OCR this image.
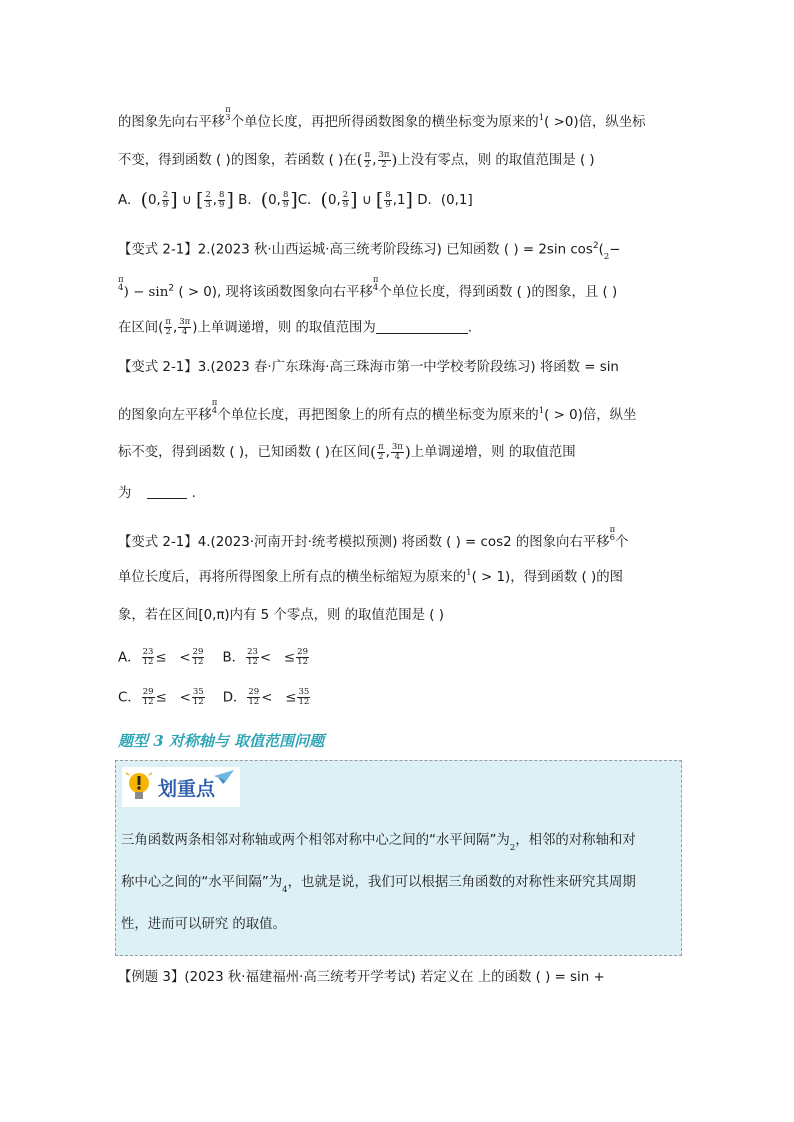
的图象先向右平移π
3 个单位长度，再把所得函数图象的横坐标变为原来的1( >0)倍，纵坐标
不变，得到函数 ( )的图象，若函数 ( )在( $\frac{\pi}{2}$ , $\frac{3\pi}{2}$ )上没有零点，则 的取值范围是 ( )
A．(0, $\frac{2}{9}$ ] ∪ [ $\frac{2}{3}$ , $\frac{8}{9}$ ] B．(0, $\frac{8}{9} ]C$．(0, $\frac{2}{9}$ ] ∪ [ $\frac{8}{9} ,1$] D．(0,1]
【变式 2-1】2.(2023 秋·山西运城·高三统考阶段练习) 已知函数 ( ) = 2sin $\cos^2$( 2 −
π
4 ) − $\sin^2$ ( > 0), 现将该函数图象向右平移π
4 个单位长度，得到函数 ( )的图象，且 ( )
在区间( $\frac{\pi}{2}$ , $\frac{3\pi}{4}$ )上单调递增，则 的取值范围为	.
【变式 2-1】3.(2023 春·广东珠海·高三珠海市第一中学校考阶段练习) 将函数 = sin
的图象向左平移π
4 个单位长度，再把图象上的所有点的横坐标变为原来的1( > 0)倍，纵坐
标不变，得到函数 ( )，已知函数 ( )在区间( $\frac{\pi}{2}$ , $\frac{3\pi}{4}$ )上单调递增，则 的取值范围
为	.
【变式 2-1】4.(2023·河南开封·统考模拟预测) 将函数 ( ) = cos2 的图象向右平移π
6 个
单位长度后，再将所得图象上所有点的横坐标缩短为原来的1( > 1)，得到函数 ( )的图
象，若在区间[0,π)内有 5 个零点，则 的取值范围是 ( )
A． $\frac{23}{12}$ ≤ < $\frac{29}{12}$ B． $\frac{23}{12}$ < ≤ $\frac{29}{12}$
C． $\frac{29}{12}$ ≤ < $\frac{35}{12}$ D． $\frac{29}{12}$ < ≤ $\frac{35}{12}$
题型 3 对称轴与 取值范围问题
划重点
三角函数两条相邻对称轴或两个相邻对称中心之间的“水平间隔”为 2 ，相邻的对称轴和对
称中心之间的“水平间隔”为 4 ，也就是说，我们可以根据三角函数的对称性来研究其周期
性，进而可以研究 的取值。
【例题 3】(2023 秋·福建福州·高三统考开学考试) 若定义在 上的函数 ( ) = sin +
